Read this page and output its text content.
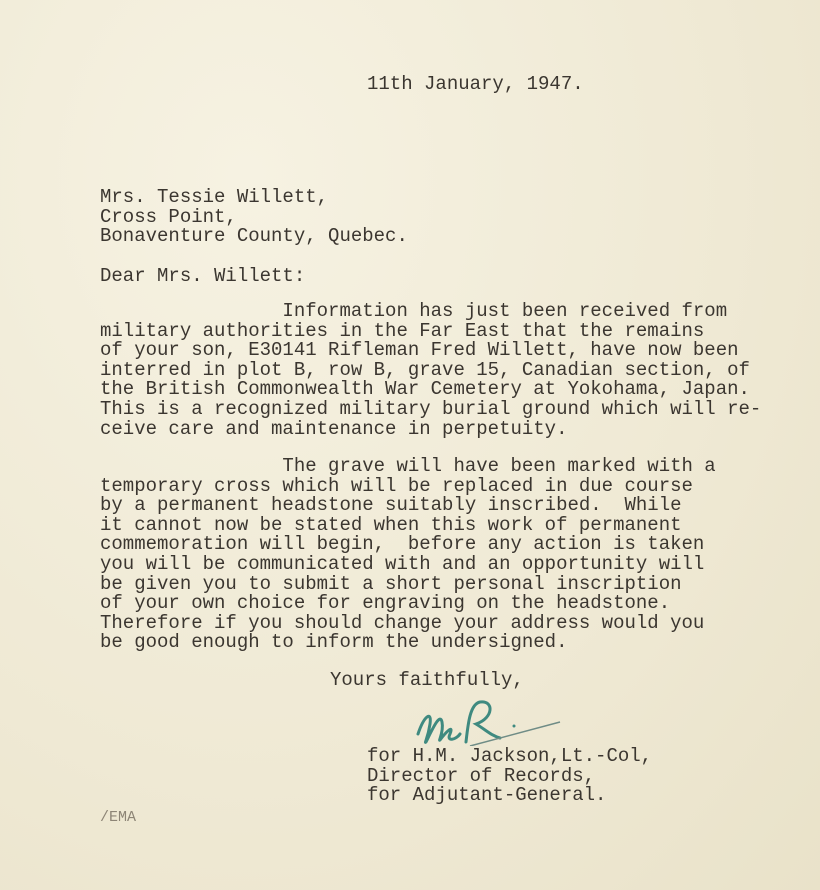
11th January, 1947.
Mrs. Tessie Willett,
Cross Point,
Bonaventure County, Quebec.
Dear Mrs. Willett:
Information has just been received from
military authorities in the Far East that the remains
of your son, E30141 Rifleman Fred Willett, have now been
interred in plot B, row B, grave 15, Canadian section, of
the British Commonwealth War Cemetery at Yokohama, Japan.
This is a recognized military burial ground which will re-
ceive care and maintenance in perpetuity.
The grave will have been marked with a
temporary cross which will be replaced in due course
by a permanent headstone suitably inscribed.  While
it cannot now be stated when this work of permanent
commemoration will begin,  before any action is taken
you will be communicated with and an opportunity will
be given you to submit a short personal inscription
of your own choice for engraving on the headstone.
Therefore if you should change your address would you
be good enough to inform the undersigned.
Yours faithfully,
for H.M. Jackson,Lt.-Col,
Director of Records,
for Adjutant-General.
/EMA
